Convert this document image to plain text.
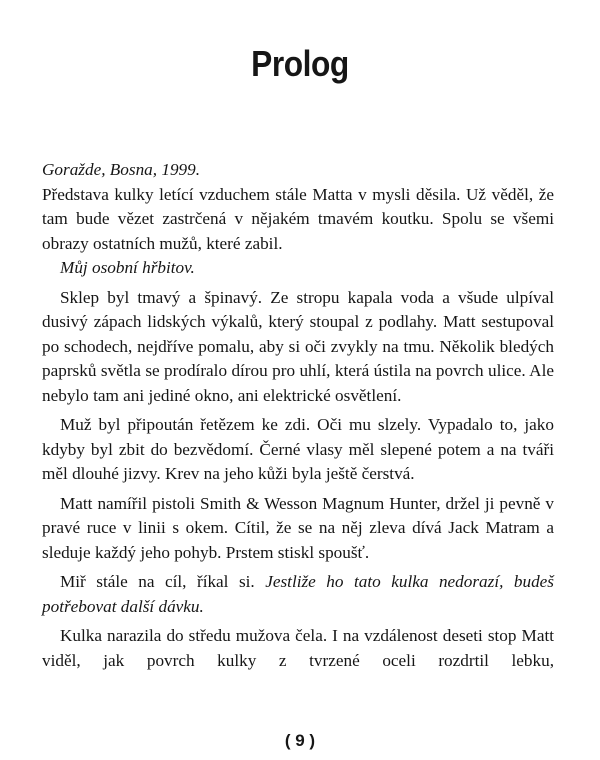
Prolog

Goražde, Bosna, 1999.

Představa kulky letící vzduchem stále Matta v mysli děsila. Už věděl, že tam bude vězet zastrčená v nějakém tmavém koutku. Spolu se všemi obrazy ostatních mužů, které zabil.

Můj osobní hřbitov.

Sklep byl tmavý a špinavý. Ze stropu kapala voda a všude ulpíval dusivý zápach lidských výkalů, který stoupal z podlahy. Matt sestupoval po schodech, nejdříve pomalu, aby si oči zvykly na tmu. Několik bledých paprsků světla se prodíralo dírou pro uhlí, která ústila na povrch ulice. Ale nebylo tam ani jediné okno, ani elektrické osvětlení.

Muž byl připoután řetězem ke zdi. Oči mu slzely. Vypadalo to, jako kdyby byl zbit do bezvědomí. Černé vlasy měl slepené potem a na tváři měl dlouhé jizvy. Krev na jeho kůži byla ještě čerstvá.

Matt namířil pistoli Smith & Wesson Magnum Hunter, držel ji pevně v pravé ruce v linii s okem. Cítil, že se na něj zleva dívá Jack Matram a sleduje každý jeho pohyb. Prstem stiskl spoušť.

Miř stále na cíl, říkal si. Jestliže ho tato kulka nedorazí, budeš potřebovat další dávku.

Kulka narazila do středu mužova čela. I na vzdálenost deseti stop Matt viděl, jak povrch kulky z tvrzené oceli rozdrtil lebku,

( 9 )
